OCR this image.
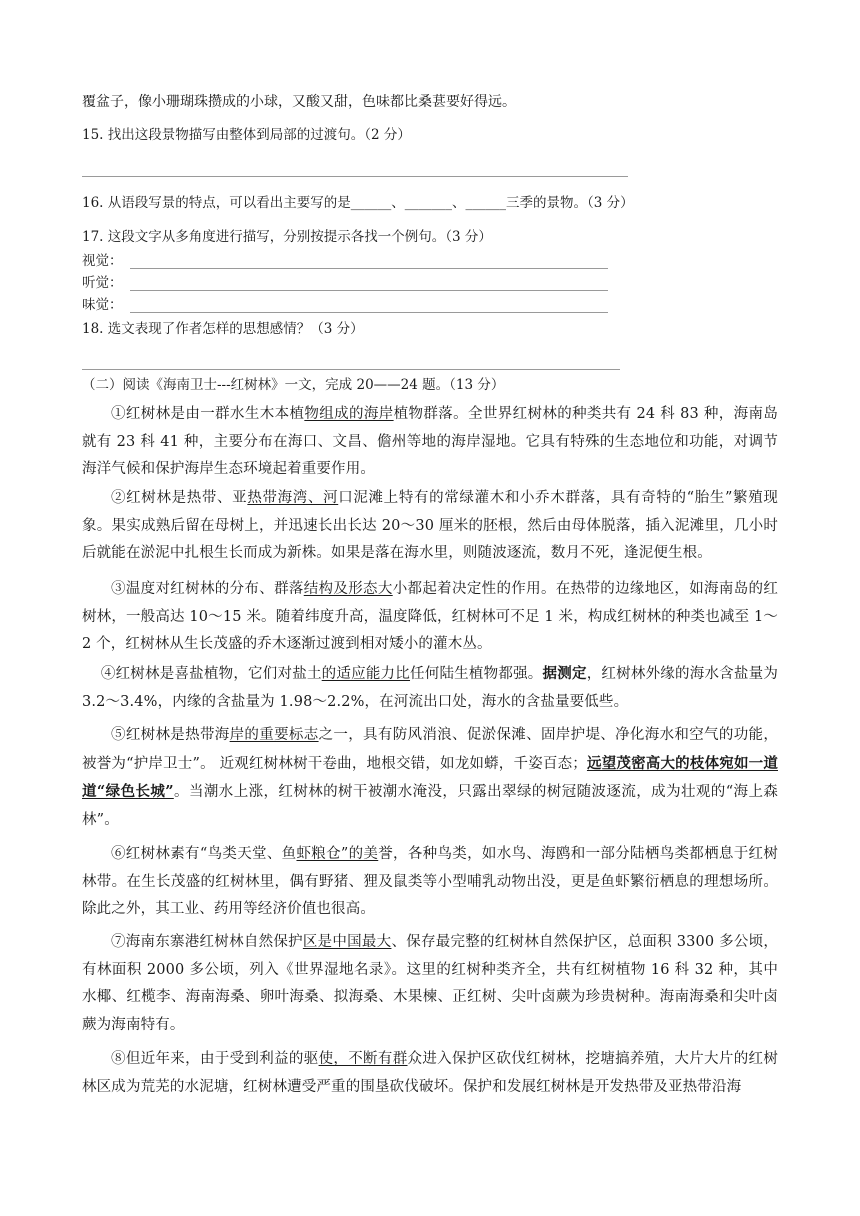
覆盆子，像小珊瑚珠攒成的小球，又酸又甜，色味都比桑葚要好得远。
15. 找出这段景物描写由整体到局部的过渡句。（2 分）
16. 从语段写景的特点，可以看出主要写的是______、_______、______三季的景物。（3 分）
17. 这段文字从多角度进行描写，分别按提示各找一个例句。（3 分）
视觉：
听觉：
味觉：
18. 选文表现了作者怎样的思想感情？（3 分）
（二）阅读《海南卫士---红树林》一文，完成 20——24 题。（13 分）
①红树林是由一群水生木本植物组成的海岸植物群落。全世界红树林的种类共有 24 科 83 种，海南岛就有 23 科 41 种，主要分布在海口、文昌、儋州等地的海岸湿地。它具有特殊的生态地位和功能，对调节海洋气候和保护海岸生态环境起着重要作用。
②红树林是热带、亚热带海湾、河口泥滩上特有的常绿灌木和小乔木群落，具有奇特的“胎生”繁殖现象。果实成熟后留在母树上，并迅速长出长达 20～30 厘米的胚根，然后由母体脱落，插入泥滩里，几小时后就能在淤泥中扎根生长而成为新株。如果是落在海水里，则随波逐流，数月不死，逢泥便生根。
③温度对红树林的分布、群落结构及形态大小都起着决定性的作用。在热带的边缘地区，如海南岛的红树林，一般高达 10～15 米。随着纬度升高，温度降低，红树林可不足 1 米，构成红树林的种类也减至 1～2 个，红树林从生长茂盛的乔木逐渐过渡到相对矮小的灌木丛。
④红树林是喜盐植物，它们对盐土的适应能力比任何陆生植物都强。据测定，红树林外缘的海水含盐量为 3.2～3.4%，内缘的含盐量为 1.98～2.2%，在河流出口处，海水的含盐量要低些。
⑤红树林是热带海岸的重要标志之一，具有防风消浪、促淤保滩、固岸护堤、净化海水和空气的功能，被誉为“护岸卫士”。 近观红树林树干卷曲，地根交错，如龙如蟒，千姿百态；远望茂密高大的枝体宛如一道道“绿色长城”。当潮水上涨，红树林的树干被潮水淹没，只露出翠绿的树冠随波逐流，成为壮观的“海上森林”。
⑥红树林素有“鸟类天堂、鱼虾粮仓”的美誉，各种鸟类，如水鸟、海鸥和一部分陆栖鸟类都栖息于红树林带。在生长茂盛的红树林里，偶有野猪、狸及鼠类等小型哺乳动物出没，更是鱼虾繁衍栖息的理想场所。除此之外，其工业、药用等经济价值也很高。
⑦海南东寨港红树林自然保护区是中国最大、保存最完整的红树林自然保护区，总面积 3300 多公顷，有林面积 2000 多公顷，列入《世界湿地名录》。这里的红树种类齐全，共有红树植物 16 科 32 种，其中水椰、红榄李、海南海桑、卵叶海桑、拟海桑、木果楝、正红树、尖叶卤蕨为珍贵树种。海南海桑和尖叶卤蕨为海南特有。
⑧但近年来，由于受到利益的驱使，不断有群众进入保护区砍伐红树林，挖塘搞养殖，大片大片的红树林区成为荒芜的水泥塘，红树林遭受严重的围垦砍伐破坏。保护和发展红树林是开发热带及亚热带沿海
